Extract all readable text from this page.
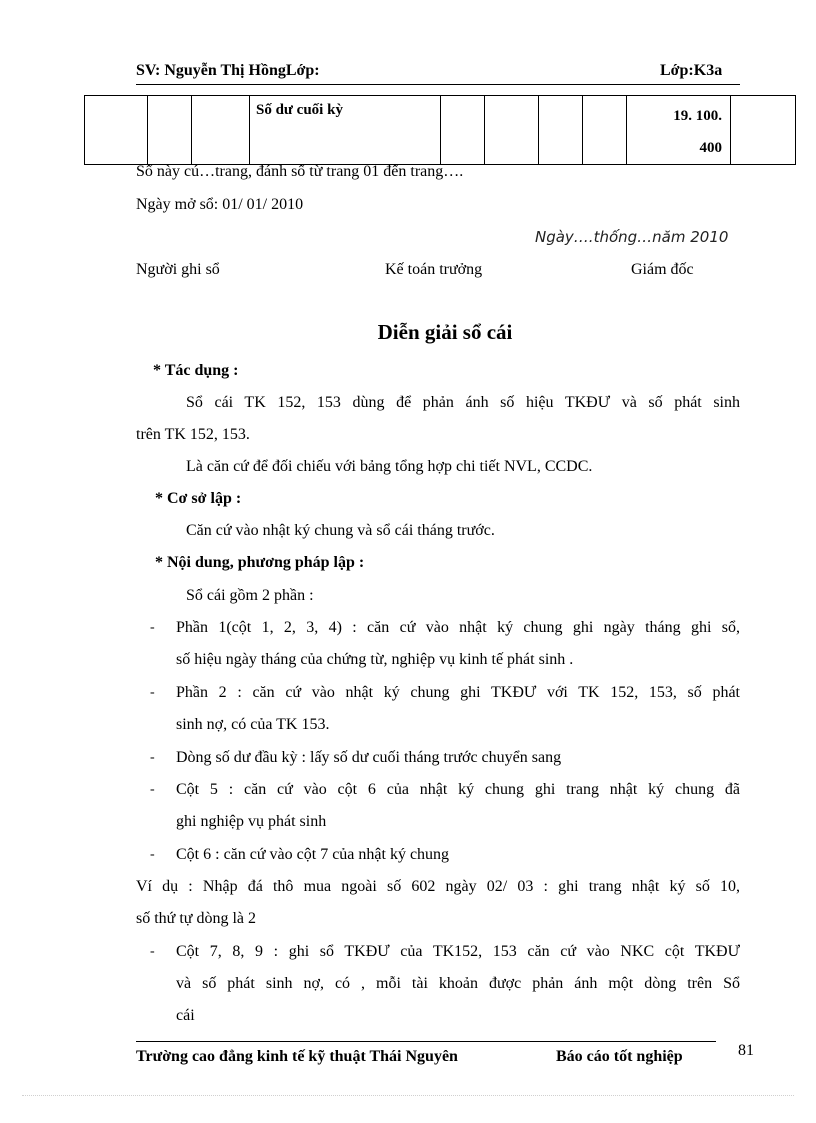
SV: Nguyễn Thị HồngLớp:	Lớp:K3a
			Số dư cuối kỳ					19. 100.
400	
Sổ này cú…trang, đánh số từ trang 01 đến trang….
Ngày mở sổ: 01/ 01/ 2010
Ngày….thống…năm 2010
Người ghi sổ	Kế toán trưởng	Giám đốc
Diễn giải sổ cái
* Tác dụng :
Sổ cái TK 152, 153 dùng để phản ánh số hiệu TKĐƯ và số phát sinh
trên TK 152, 153.
Là căn cứ để đối chiếu với bảng tổng hợp chi tiết NVL, CCDC.
* Cơ sở lập :
Căn cứ vào nhật ký chung và sổ cái tháng trước.
* Nội dung, phương pháp lập :
Sổ cái gồm 2 phần :
- Phần 1(cột 1, 2, 3, 4) : căn cứ vào nhật ký chung ghi ngày tháng ghi sổ,
số hiệu ngày tháng của chứng từ, nghiệp vụ kinh tế phát sinh .
- Phần 2 : căn cứ vào nhật ký chung ghi TKĐƯ với TK 152, 153, số phát
sinh nợ, có của TK 153.
- Dòng số dư đầu kỳ : lấy số dư cuối tháng trước chuyển sang
- Cột 5 : căn cứ vào cột 6 của nhật ký chung ghi trang nhật ký chung đã
ghi nghiệp vụ phát sinh
- Cột 6 : căn cứ vào cột 7 của nhật ký chung
Ví dụ : Nhập đá thô mua ngoài số 602 ngày 02/ 03 : ghi trang nhật ký số 10,
số thứ tự dòng là 2
- Cột 7, 8, 9 : ghi sổ TKĐƯ của TK152, 153 căn cứ vào NKC cột TKĐƯ
và số phát sinh nợ, có , mỗi tài khoản được phản ánh một dòng trên Sổ
cái
Trường cao đẳng kinh tế kỹ thuật Thái Nguyên	Báo cáo tốt nghiệp	81
